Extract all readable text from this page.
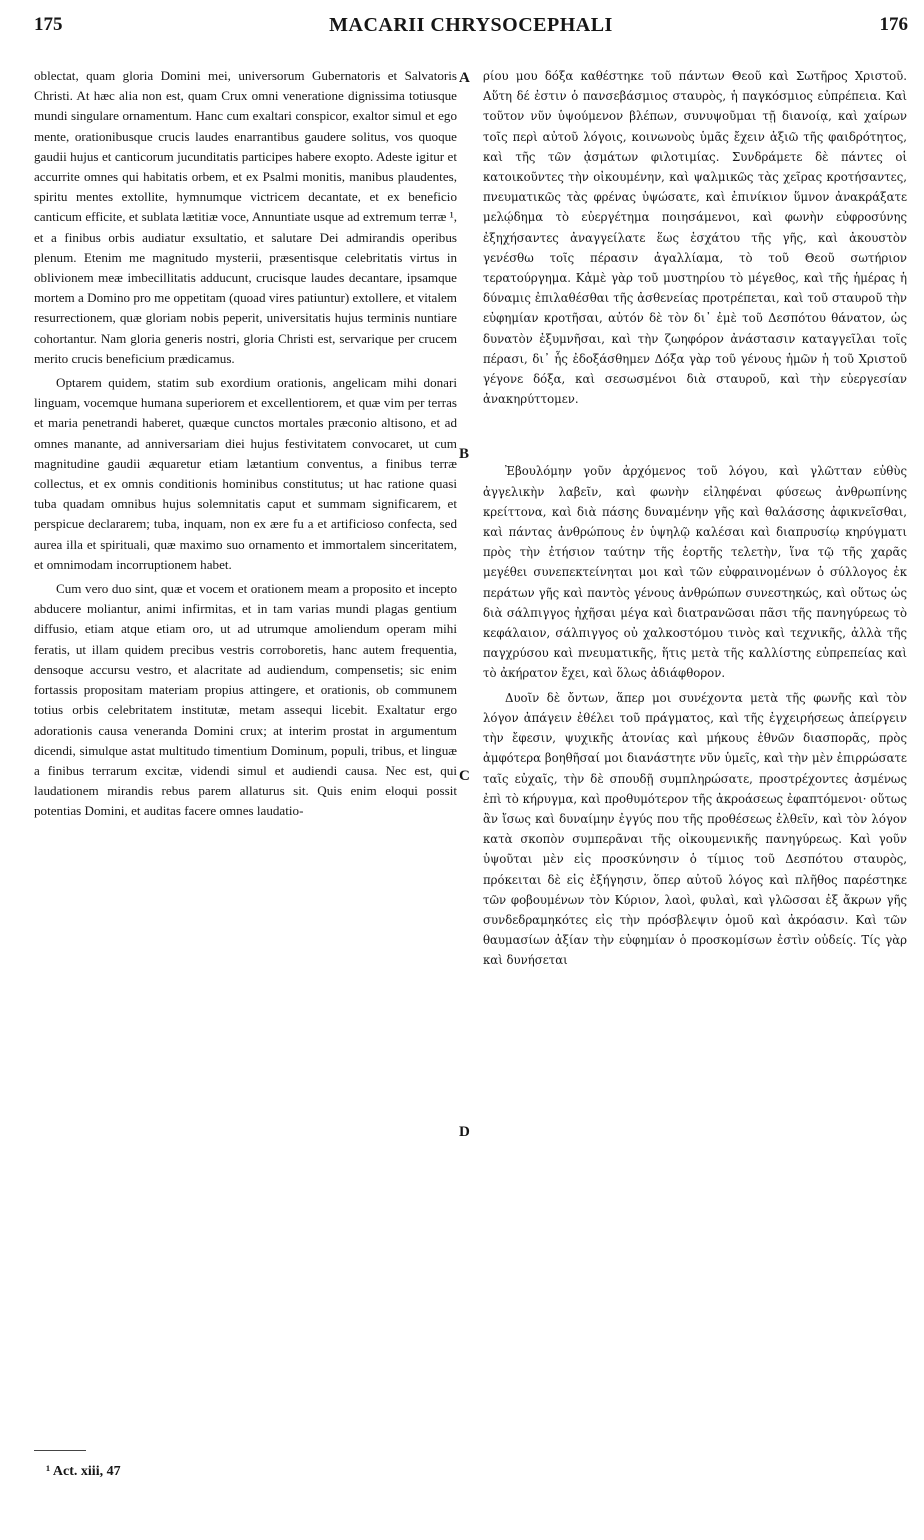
175	MACARII CHRYSOCEPHALI	176

oblectat, quam gloria Domini mei, universorum Gubernatoris et Salvatoris Christi. At hæc alia non est, quam Crux omni veneratione dignissima totiusque mundi singulare ornamentum. Hanc cum exaltari conspicor, exaltor simul et ego mente, orationibusque crucis laudes enarrantibus gaudere solitus, vos quoque gaudii hujus et canticorum jucunditatis participes habere exopto. Adeste igitur et accurrite omnes qui habitatis orbem, et ex Psalmi monitis, manibus plaudentes, spiritu mentes extollite, hymnumque victricem decantate, et ex beneficio canticum efficite, et sublata lætitiæ voce, Annuntiate usque ad extremum terræ ¹, et a finibus orbis audiatur exsultatio, et salutare Dei admirandis operibus plenum. Etenim me magnitudo mysterii, præsentisque celebritatis virtus in oblivionem meæ imbecillitatis adducunt, crucisque laudes decantare, ipsamque mortem a Domino pro me oppetitam (quoad vires patiuntur) extollere, et vitalem resurrectionem, quæ gloriam nobis peperit, universitatis hujus terminis nuntiare cohortantur. Nam gloria generis nostri, gloria Christi est, servarique per crucem merito crucis beneficium prædicamus.

Optarem quidem, statim sub exordium orationis, angelicam mihi donari linguam, vocemque humana superiorem et excellentiorem, et quæ vim per terras et maria penetrandi haberet, quæque cunctos mortales præconio altisono, et ad omnes manante, ad anniversariam diei hujus festivitatem convocaret, ut cum magnitudine gaudii æquaretur etiam lætantium conventus, a finibus terræ collectus, et ex omnis conditionis hominibus constitutus; ut hac ratione quasi tuba quadam omnibus hujus solemnitatis caput et summam significarem, et perspicue declararem; tuba, inquam, non ex ære fu a et artificioso confecta, sed aurea illa et spirituali, quæ maximo suo ornamento et immortalem sinceritatem, et omnimodam incorruptionem habet.

Cum vero duo sint, quæ et vocem et orationem meam a proposito et incepto abducere moliantur, animi infirmitas, et in tam varias mundi plagas gentium diffusio, etiam atque etiam oro, ut ad utrumque amoliendum operam mihi feratis, ut illam quidem precibus vestris corroboretis, hanc autem frequentia, densoque accursu vestro, et alacritate ad audiendum, compensetis; sic enim fortassis propositam materiam propius attingere, et orationis, ob communem totius orbis celebritatem institutæ, metam assequi licebit. Exaltatur ergo adorationis causa veneranda Domini crux; at interim prostat in argumentum dicendi, simulque astat multitudo timentium Dominum, populi, tribus, et linguæ a finibus terrarum excitæ, videndi simul et audiendi causa. Nec est, qui laudationem mirandis rebus parem allaturus sit. Quis enim eloqui possit potentias Domini, et auditas facere omnes laudatio-

A
B
C
D

ρίου μου δόξα καθέστηκε τοῦ πάντων Θεοῦ καὶ Σωτῆρος Χριστοῦ. Αὕτη δέ ἐστιν ὁ πανσεβάσμιος σταυρὸς, ἡ παγκόσμιος εὐπρέπεια. Καὶ τοῦτον νῦν ὑψούμενον βλέπων, συνυψοῦμαι τῇ διανοίᾳ, καὶ χαίρων τοῖς περὶ αὐτοῦ λόγοις, κοινωνοὺς ὑμᾶς ἔχειν ἀξιῶ τῆς φαιδρότητος, καὶ τῆς τῶν ᾀσμάτων φιλοτιμίας. Συνδράμετε δὲ πάντες οἱ κατοικοῦντες τὴν οἰκουμένην, καὶ ψαλμικῶς τὰς χεῖρας κροτήσαντες, πνευματικῶς τὰς φρένας ὑψώσατε, καὶ ἐπινίκιον ὕμνον ἀνακράξατε μελῴδημα τὸ εὐεργέτημα ποιησάμενοι, καὶ φωνὴν εὐφροσύνης ἐξηχήσαντες ἀναγγείλατε ἕως ἐσχάτου τῆς γῆς, καὶ ἀκουστὸν γενέσθω τοῖς πέρασιν ἀγαλλίαμα, τὸ τοῦ Θεοῦ σωτήριον τερατούργημα. Κἀμὲ γὰρ τοῦ μυστηρίου τὸ μέγεθος, καὶ τῆς ἡμέρας ἡ δύναμις ἐπιλαθέσθαι τῆς ἀσθενείας προτρέπεται, καὶ τοῦ σταυροῦ τὴν εὐφημίαν κροτῆσαι, αὐτόν δὲ τὸν δι᾽ ἐμὲ τοῦ Δεσπότου θάνατον, ὡς δυνατὸν ἐξυμνῆσαι, καὶ τὴν ζωηφόρον ἀνάστασιν καταγγεῖλαι τοῖς πέρασι, δι᾽ ἧς ἐδοξάσθημεν Δόξα γὰρ τοῦ γένους ἡμῶν ἡ τοῦ Χριστοῦ γέγονε δόξα, καὶ σεσωσμένοι διὰ σταυροῦ, καὶ τὴν εὐεργεσίαν ἀνακηρύττομεν.

Ἐβουλόμην γοῦν ἀρχόμενος τοῦ λόγου, καὶ γλῶτταν εὐθὺς ἀγγελικὴν λαβεῖν, καὶ φωνὴν εἰληφέναι φύσεως ἀνθρωπίνης κρείττονα, καὶ διὰ πάσης δυναμένην γῆς καὶ θαλάσσης ἀφικνεῖσθαι, καὶ πάντας ἀνθρώπους ἐν ὑψηλῷ καλέσαι καὶ διαπρυσίῳ κηρύγματι πρὸς τὴν ἐτήσιον ταύτην τῆς ἑορτῆς τελετὴν, ἵνα τῷ τῆς χαρᾶς μεγέθει συνεπεκτείνηται μοι καὶ τῶν εὐφραινομένων ὁ σύλλογος ἐκ περάτων γῆς καὶ παντὸς γένους ἀνθρώπων συνεστηκώς, καὶ οὕτως ὡς διὰ σάλπιγγος ἠχῆσαι μέγα καὶ διατρανῶσαι πᾶσι τῆς πανηγύρεως τὸ κεφάλαιον, σάλπιγγος οὐ χαλκοστόμου τινὸς καὶ τεχνικῆς, ἀλλὰ τῆς παγχρύσου καὶ πνευματικῆς, ἥτις μετὰ τῆς καλλίστης εὐπρεπείας καὶ τὸ ἀκήρατον ἔχει, καὶ ὅλως ἀδιάφθορον.

Δυοῖν δὲ ὄντων, ἅπερ μοι συνέχοντα μετὰ τῆς φωνῆς καὶ τὸν λόγον ἀπάγειν ἐθέλει τοῦ πράγματος, καὶ τῆς ἐγχειρήσεως ἀπείργειν τὴν ἔφεσιν, ψυχικῆς ἀτονίας καὶ μήκους ἐθνῶν διασπορᾶς, πρὸς ἀμφότερα βοηθῆσαί μοι διανάστητε νῦν ὑμεῖς, καὶ τὴν μὲν ἐπιρρώσατε ταῖς εὐχαῖς, τὴν δὲ σπουδῇ συμπληρώσατε, προστρέχοντες ἀσμένως ἐπὶ τὸ κήρυγμα, καὶ προθυμότερον τῆς ἀκροάσεως ἐφαπτόμενοι· οὕτως ἂν ἴσως καὶ δυναίμην ἐγγύς που τῆς προθέσεως ἐλθεῖν, καὶ τὸν λόγον κατὰ σκοπὸν συμπερᾶναι τῆς οἰκουμενικῆς πανηγύρεως. Καὶ γοῦν ὑψοῦται μὲν εἰς προσκύνησιν ὁ τίμιος τοῦ Δεσπότου σταυρὸς, πρόκειται δὲ εἰς ἐξήγησιν, ὅπερ αὐτοῦ λόγος καὶ πλῆθος παρέστηκε τῶν φοβουμένων τὸν Κύριον, λαοὶ, φυλαὶ, καὶ γλῶσσαι ἐξ ἄκρων γῆς συνδεδραμηκότες εἰς τὴν πρόσβλεψιν ὁμοῦ καὶ ἀκρόασιν. Καὶ τῶν θαυμασίων ἀξίαν τὴν εὐφημίαν ὁ προσκομίσων ἐστὶν οὐδείς. Τίς γὰρ καὶ δυνήσεται

¹ Act. xiii, 47
